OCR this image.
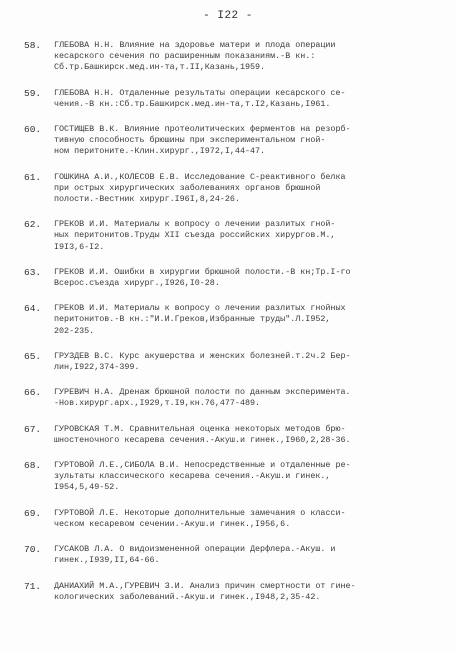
- I22 -
58.	ГЛЕБОВА Н.Н. Влияние на здоровье матери и плода операции
кесарского сечения по расширенным показаниям.-В кн.:
Сб.тр.Башкирск.мед.ин-та,т.II,Казань,1959.
59.	ГЛЕБОВА Н.Н. Отдаленные результаты операции кесарского се-
чения.-В кн.:Сб.тр.Башкирск.мед.ин-та,т.I2,Казань,I961.
60.	ГОСТИЩЕВ В.К. Влияние протеолитических ферментов на резорб-
тивную способность брюшины при экспериментальном гной-
ном перитоните.-Клин.хирург.,I972,I,44-47.
61.	ГОШКИНА А.И.,КОЛЕСОВ Е.В. Исследование С-реактивного белка
при острых хирургических заболеваниях органов брюшной
полости.-Вестник хирург.I96I,8,24-26.
62.	ГРЕКОВ И.И. Материалы к вопросу о лечении разлитых гной-
ных перитонитов.Труды XII съезда российских хирургов.М.,
I9I3,6-I2.
63.	ГРЕКОВ И.И. Ошибки в хирургии брюшной полости.-В кн;Тр.I-го
Всерос.съезда хирург.,I926,I0-28.
64.	ГРЕКОВ И.И. Материалы к вопросу о лечении разлитых гнойных
перитонитов.-В кн.:"И.И.Греков,Избранные труды".Л.I952,
202-235.
65.	ГРУЗДЕВ В.С. Курс акушерства и женских болезней.т.2ч.2 Бер-
лин,I922,374-399.
66.	ГУРЕВИЧ Н.А. Дренаж брюшной полости по данным эксперимента.
-Нов.хирург.арх.,I929,т.I9,кн.76,477-489.
67.	ГУРОВСКАЯ Т.М. Сравнительная оценка некоторых методов брю-
шностеночного кесарева сечения.-Акуш.и гинек.,I960,2,28-36.
68.	ГУРТОВОЙ Л.Е.,СИБОЛА В.И. Непосредственные и отдаленные ре-
зультаты классического кесарева сечения.-Акуш.и гинек.,
I954,5,49-52.
69.	ГУРТОВОЙ Л.Е. Некоторые дополнительные замечания о класси-
ческом кесаревом сечении.-Акуш.и гинек.,I956,6.
70.	ГУСАКОВ Л.А. О видоизмененной операции Дерфлера.-Акуш. и
гинек.,I939,II,64-66.
71.	ДАНИАХИЙ М.А.,ГУРЕВИЧ З.И. Анализ причин смертности от гине-
кологических заболеваний.-Акуш.и гинек.,I948,2,35-42.
